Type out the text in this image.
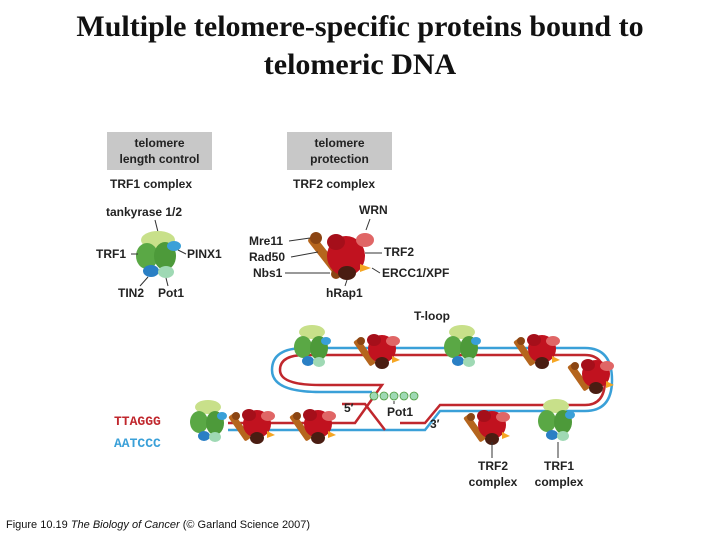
Multiple telomere-specific proteins bound to
telomeric DNA
telomere
length control
telomere
protection
TRF1 complex	TRF2 complex
tankyrase 1/2
TRF1	PINX1
TIN2 Pot1
WRN
Mre11
Rad50
Nbs1
TRF2
ERCC1/XPF
hRap1
T-loop
5′
3′
Pot1
TTAGGG
AATCCC
TRF2
complex
TRF1
complex
Figure 10.19 The Biology of Cancer (© Garland Science 2007)
